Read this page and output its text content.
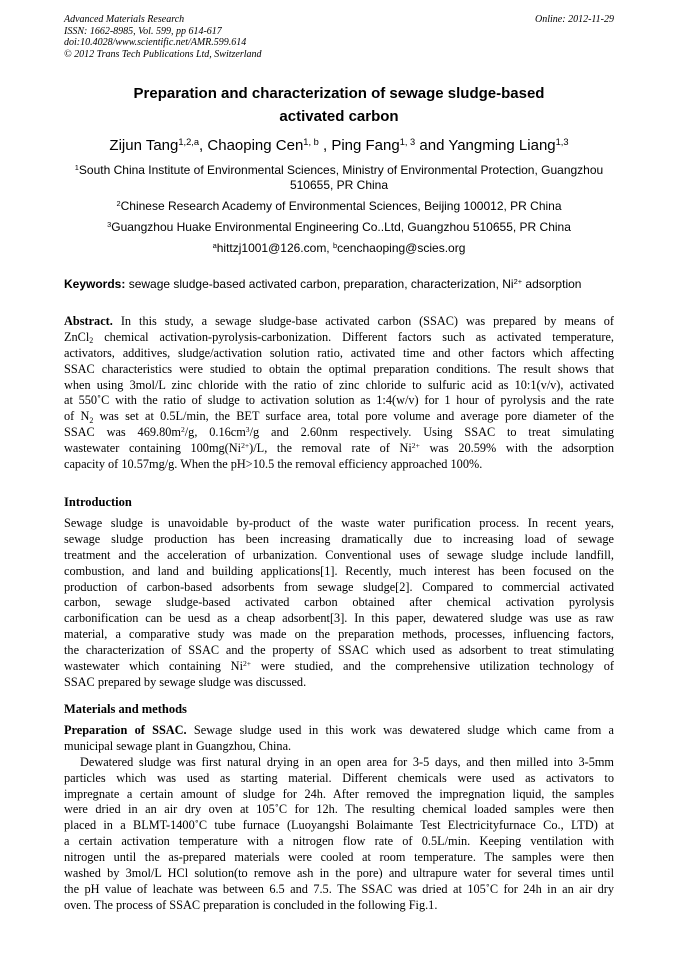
Advanced Materials Research
ISSN: 1662-8985, Vol. 599, pp 614-617
doi:10.4028/www.scientific.net/AMR.599.614
© 2012 Trans Tech Publications Ltd, Switzerland
Online: 2012-11-29
Preparation and characterization of sewage sludge-based
activated carbon
Zijun Tang$^{1,2,a}$, Chaoping Cen$^{1, b}$ , Ping Fang$^{1, 3}$ and Yangming Liang$^{1,3}$
$^1$South China Institute of Environmental Sciences, Ministry of Environmental Protection, Guangzhou
510655, PR China
$^2$Chinese Research Academy of Environmental Sciences, Beijing 100012, PR China
$^3$Guangzhou Huake Environmental Engineering Co..Ltd, Guangzhou 510655, PR China
$^a$hittzj1001@126.com, $^b$cenchaoping@scies.org
Keywords: sewage sludge-based activated carbon, preparation, characterization, $Ni^{2+}$ adsorption
Abstract. In this study, a sewage sludge-base activated carbon (SSAC) was prepared by means of
ZnCl$_2$ chemical activation-pyrolysis-carbonization. Different factors such as activated temperature,
activators, additives, sludge/activation solution ratio, activated time and other factors which affecting
SSAC characteristics were studied to obtain the optimal preparation conditions. The result shows that
when using 3mol/L zinc chloride with the ratio of zinc chloride to sulfuric acid as 10:1(v/v), activated
at 550˚C with the ratio of sludge to activation solution as 1:4(w/v) for 1 hour of pyrolysis and the rate
of $N_2$ was set at 0.5L/min, the BET surface area, total pore volume and average pore diameter of the
SSAC was $469.80m^2/g$, $0.16cm^3/g$ and 2.60nm respectively. Using SSAC to treat simulating
wastewater containing $100mg(Ni^{2+})/L$, the removal rate of $Ni^{2+}$ was 20.59% with the adsorption
capacity of 10.57mg/g. When the pH>10.5 the removal efficiency approached 100%.
Introduction
Sewage sludge is unavoidable by-product of the waste water purification process. In recent years,
sewage sludge production has been increasing dramatically due to increasing load of sewage
treatment and the acceleration of urbanization. Conventional uses of sewage sludge include landfill,
combustion, and land and building applications[1]. Recently, much interest has been focused on the
production of carbon-based adsorbents from sewage sludge[2]. Compared to commercial activated
carbon, sewage sludge-based activated carbon obtained after chemical activation pyrolysis
carbonification can be uesd as a cheap adsorbent[3]. In this paper, dewatered sludge was use as raw
material, a comparative study was made on the preparation methods, processes, influencing factors,
the characterization of SSAC and the property of SSAC which used as adsorbent to treat stimulating
wastewater which containing $Ni^{2+}$ were studied, and the comprehensive utilization technology of
SSAC prepared by sewage sludge was discussed.
Materials and methods
Preparation of SSAC. Sewage sludge used in this work was dewatered sludge which came from a
municipal sewage plant in Guangzhou, China.
Dewatered sludge was first natural drying in an open area for 3-5 days, and then milled into 3-5mm
particles which was used as starting material. Different chemicals were used as activators to
impregnate a certain amount of sludge for 24h. After removed the impregnation liquid, the samples
were dried in an air dry oven at 105˚C for 12h. The resulting chemical loaded samples were then
placed in a BLMT-1400˚C tube furnace (Luoyangshi Bolaimante Test Electricityfurnace Co., LTD) at
a certain activation temperature with a nitrogen flow rate of 0.5L/min. Keeping ventilation with
nitrogen until the as-prepared materials were cooled at room temperature. The samples were then
washed by 3mol/L HCl solution(to remove ash in the pore) and ultrapure water for several times until
the pH value of leachate was between 6.5 and 7.5. The SSAC was dried at 105˚C for 24h in an air dry
oven. The process of SSAC preparation is concluded in the following Fig.1.
